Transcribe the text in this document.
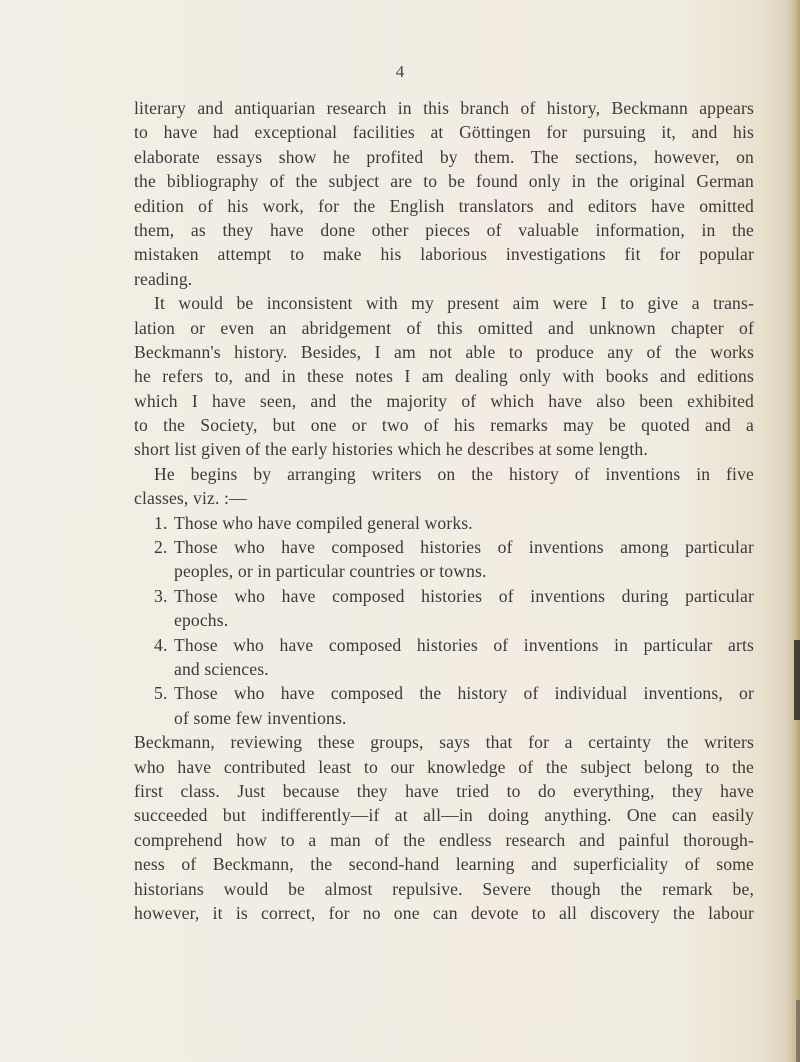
4
literary and antiquarian research in this branch of history, Beckmann appears
to have had exceptional facilities at Göttingen for pursuing it, and his
elaborate essays show he profited by them. The sections, however, on
the bibliography of the subject are to be found only in the original German
edition of his work, for the English translators and editors have omitted
them, as they have done other pieces of valuable information, in the
mistaken attempt to make his laborious investigations fit for popular
reading.
It would be inconsistent with my present aim were I to give a trans-
lation or even an abridgement of this omitted and unknown chapter of
Beckmann's history. Besides, I am not able to produce any of the works
he refers to, and in these notes I am dealing only with books and editions
which I have seen, and the majority of which have also been exhibited
to the Society, but one or two of his remarks may be quoted and a
short list given of the early histories which he describes at some length.
He begins by arranging writers on the history of inventions in five
classes, viz. :—
1. Those who have compiled general works.
2. Those who have composed histories of inventions among particular
peoples, or in particular countries or towns.
3. Those who have composed histories of inventions during particular
epochs.
4. Those who have composed histories of inventions in particular arts
and sciences.
5. Those who have composed the history of individual inventions, or
of some few inventions.
Beckmann, reviewing these groups, says that for a certainty the writers
who have contributed least to our knowledge of the subject belong to the
first class. Just because they have tried to do everything, they have
succeeded but indifferently—if at all—in doing anything. One can easily
comprehend how to a man of the endless research and painful thorough-
ness of Beckmann, the second-hand learning and superficiality of some
historians would be almost repulsive. Severe though the remark be,
however, it is correct, for no one can devote to all discovery the labour
